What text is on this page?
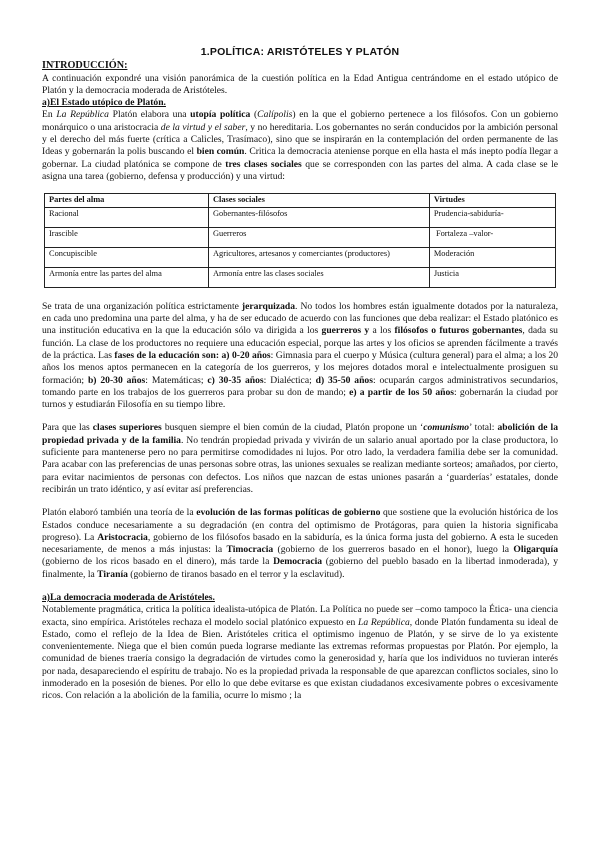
1.POLÍTICA: ARISTÓTELES Y PLATÓN
INTRODUCCIÓN:

A continuación expondré una visión panorámica de la cuestión política en la Edad Antigua centrándome en el estado utópico de Platón y la democracia moderada de Aristóteles.

a)El Estado utópico de Platón.

En La República Platón elabora una utopía política (Calípolis) en la que el gobierno pertenece a los filósofos. Con un gobierno monárquico o una aristocracia de la virtud y el saber, y no hereditaria. Los gobernantes no serán conducidos por la ambición personal y el derecho del más fuerte (crítica a Calicles, Trasímaco), sino que se inspirarán en la contemplación del orden permanente de las Ideas y gobernarán la polis buscando el bien común. Critica la democracia ateniense porque en ella hasta el más inepto podía llegar a gobernar. La ciudad platónica se compone de tres clases sociales que se corresponden con las partes del alma. A cada clase se le asigna una tarea (gobierno, defensa y producción) y una virtud:

Partes del alma	Clases sociales	Virtudes
Racional	Gobernantes-filósofos	Prudencia-sabiduría-
Irascible	Guerreros	Fortaleza –valor-
Concupiscible	Agricultores, artesanos y comerciantes (productores)	Moderación
Armonía entre las partes del alma	Armonía entre las clases sociales	Justicia

Se trata de una organización política estrictamente jerarquizada. No todos los hombres están igualmente dotados por la naturaleza, en cada uno predomina una parte del alma, y ha de ser educado de acuerdo con las funciones que deba realizar: el Estado platónico es una institución educativa en la que la educación sólo va dirigida a los guerreros y a los filósofos o futuros gobernantes, dada su función. La clase de los productores no requiere una educación especial, porque las artes y los oficios se aprenden fácilmente a través de la práctica. Las fases de la educación son: a) 0-20 años: Gimnasia para el cuerpo y Música (cultura general) para el alma; a los 20 años los menos aptos permanecen en la categoría de los guerreros, y los mejores dotados moral e intelectualmente prosiguen su formación; b) 20-30 años: Matemáticas; c) 30-35 años: Dialéctica; d) 35-50 años: ocuparán cargos administrativos secundarios, tomando parte en los trabajos de los guerreros para probar su don de mando; e) a partir de los 50 años: gobernarán la ciudad por turnos y estudiarán Filosofía en su tiempo libre.

Para que las clases superiores busquen siempre el bien común de la ciudad, Platón propone un ‘comunismo’ total: abolición de la propiedad privada y de la familia. No tendrán propiedad privada y vivirán de un salario anual aportado por la clase productora, lo suficiente para mantenerse pero no para permitirse comodidades ni lujos. Por otro lado, la verdadera familia debe ser la comunidad. Para acabar con las preferencias de unas personas sobre otras, las uniones sexuales se realizan mediante sorteos; amañados, por cierto, para evitar nacimientos de personas con defectos. Los niños que nazcan de estas uniones pasarán a ‘guarderías’ estatales, donde recibirán un trato idéntico, y así evitar así preferencias.

Platón elaboró también una teoría de la evolución de las formas políticas de gobierno que sostiene que la evolución histórica de los Estados conduce necesariamente a su degradación (en contra del optimismo de Protágoras, para quien la historia significaba progreso). La Aristocracia, gobierno de los filósofos basado en la sabiduría, es la única forma justa del gobierno. A esta le suceden necesariamente, de menos a más injustas: la Timocracia (gobierno de los guerreros basado en el honor), luego la Oligarquía (gobierno de los ricos basado en el dinero), más tarde la Democracia (gobierno del pueblo basado en la libertad inmoderada), y finalmente, la Tiranía (gobierno de tiranos basado en el terror y la esclavitud).

a)La democracia moderada de Aristóteles.

Notablemente pragmática, critica la política idealista-utópica de Platón. La Política no puede ser –como tampoco la Ética- una ciencia exacta, sino empírica. Aristóteles rechaza el modelo social platónico expuesto en La República, donde Platón fundamenta su ideal de Estado, como el reflejo de la Idea de Bien. Aristóteles critica el optimismo ingenuo de Platón, y se sirve de lo ya existente convenientemente. Niega que el bien común pueda lograrse mediante las extremas reformas propuestas por Platón. Por ejemplo, la comunidad de bienes traería consigo la degradación de virtudes como la generosidad y, haría que los individuos no tuvieran interés por nada, desapareciendo el espíritu de trabajo. No es la propiedad privada la responsable de que aparezcan conflictos sociales, sino lo inmoderado en la posesión de bienes. Por ello lo que debe evitarse es que existan ciudadanos excesivamente pobres o excesivamente ricos. Con relación a la abolición de la familia, ocurre lo mismo ; la
